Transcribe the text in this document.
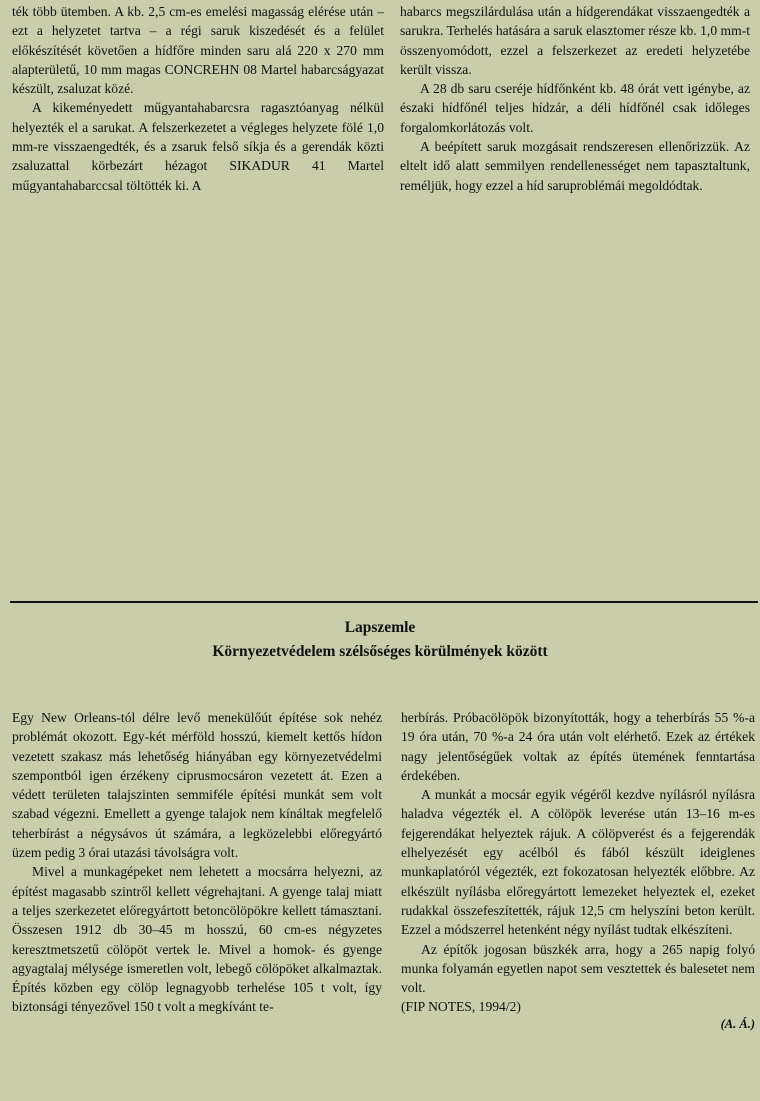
ték több ütemben. A kb. 2,5 cm-es emelési magasság elérése után – ezt a helyzetet tartva – a régi saruk kiszedését és a felület előkészítését követően a hídfőre minden saru alá 220 x 270 mm alapterületű, 10 mm magas CONCREHN 08 Martel habarcságyazat készült, zsaluzat közé.

A kikeményedett műgyantahabarcsra ragasztóanyag nélkül helyezték el a sarukat. A felszerkezetet a végleges helyzete fölé 1,0 mm-re visszaengedték, és a zsaruk felső síkja és a gerendák közti zsaluzattal körbezárt hézagot SIKADUR 41 Martel műgyantahabarccsal töltötték ki. A

habarcs megszilárdulása után a hídgerendákat visszaengedték a sarukra. Terhelés hatására a saruk elasztomer része kb. 1,0 mm-t összenyomódott, ezzel a felszerkezet az eredeti helyzetébe került vissza.

A 28 db saru cseréje hídfőnként kb. 48 órát vett igénybe, az északi hídfőnél teljes hídzár, a déli hídfőnél csak időleges forgalomkorlátozás volt.

A beépített saruk mozgásait rendszeresen ellenőrizzük. Az eltelt idő alatt semmilyen rendellenességet nem tapasztaltunk, reméljük, hogy ezzel a híd saruproblémái megoldódtak.

Lapszemle
Környezetvédelem szélsőséges körülmények között

Egy New Orleans-tól délre levő menekülőút építése sok nehéz problémát okozott. Egy-két mérföld hosszú, kiemelt kettős hídon vezetett szakasz más lehetőség hiányában egy környezetvédelmi szempontból igen érzékeny ciprusmocsáron vezetett át. Ezen a védett területen talajszinten semmiféle építési munkát sem volt szabad végezni. Emellett a gyenge talajok nem kínáltak megfelelő teherbírást a négysávos út számára, a legközelebbi előregyártó üzem pedig 3 órai utazási távolságra volt.

Mivel a munkagépeket nem lehetett a mocsárra helyezni, az építést magasabb szintről kellett végrehajtani. A gyenge talaj miatt a teljes szerkezetet előregyártott betoncölöpökre kellett támasztani. Összesen 1912 db 30–45 m hosszú, 60 cm-es négyzetes keresztmetszetű cölöpöt vertek le. Mivel a homok- és gyenge agyagtalaj mélysége ismeretlen volt, lebegő cölöpöket alkalmaztak. Építés közben egy cölöp legnagyobb terhelése 105 t volt, így biztonsági tényezővel 150 t volt a megkívánt te-

herbírás. Próbacölöpök bizonyították, hogy a teherbírás 55 %-a 19 óra után, 70 %-a 24 óra után volt elérhető. Ezek az értékek nagy jelentőségűek voltak az építés ütemének fenntartása érdekében.

A munkát a mocsár egyik végéről kezdve nyílásról nyílásra haladva végezték el. A cölöpök leverése után 13–16 m-es fejgerendákat helyeztek rájuk. A cölöpverést és a fejgerendák elhelyezését egy acélból és fából készült ideiglenes munkaplatóról végezték, ezt fokozatosan helyezték előbbre. Az elkészült nyílásba előregyártott lemezeket helyeztek el, ezeket rudakkal összefeszítették, rájuk 12,5 cm helyszíni beton került. Ezzel a módszerrel hetenként négy nyílást tudtak elkészíteni.

Az építők jogosan büszkék arra, hogy a 265 napig folyó munka folyamán egyetlen napot sem vesztettek és balesetet nem volt.

(FIP NOTES, 1994/2)

(A. Á.)
